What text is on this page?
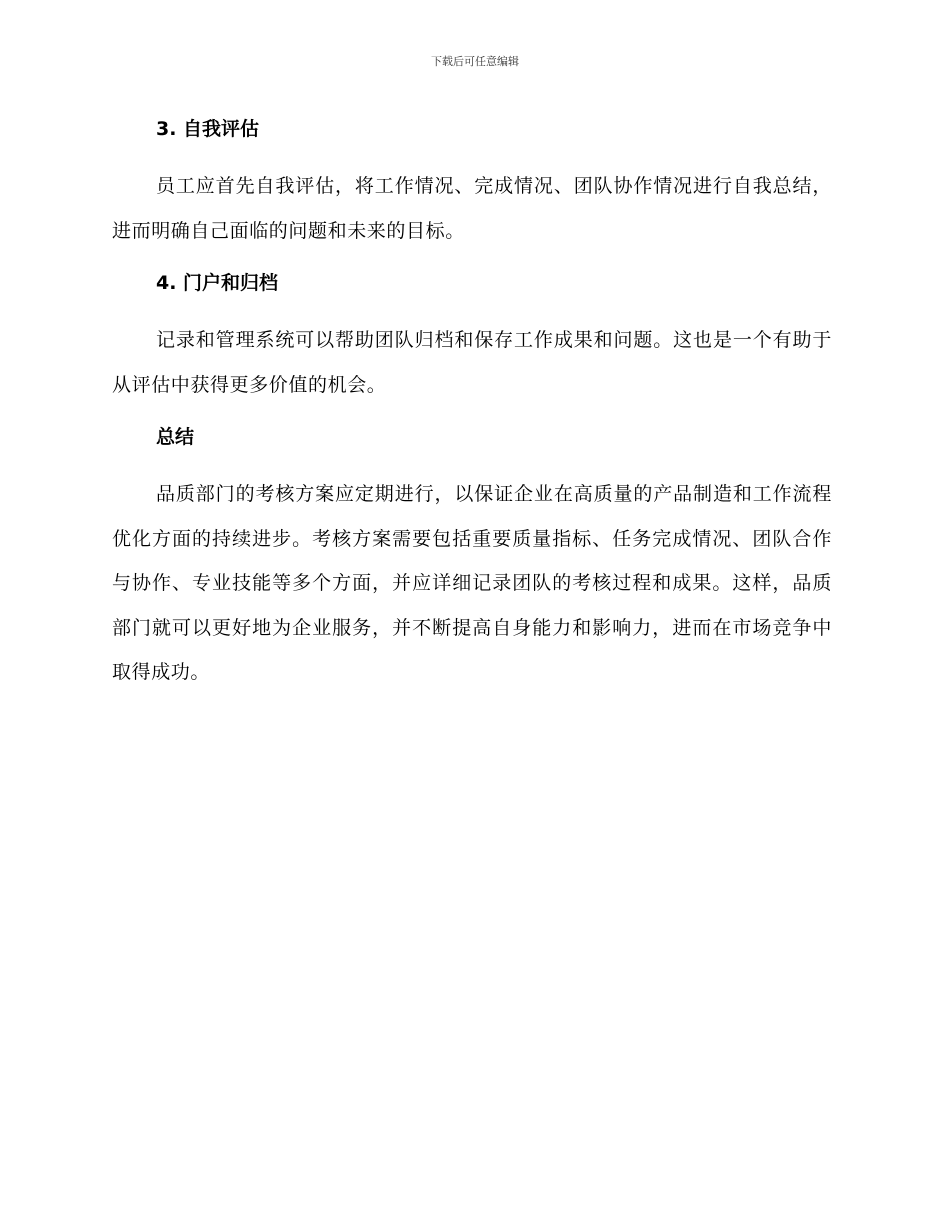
下载后可任意编辑
3. 自我评估

员工应首先自我评估，将工作情况、完成情况、团队协作情况进行自我总结，进而明确自己面临的问题和未来的目标。

4. 门户和归档

记录和管理系统可以帮助团队归档和保存工作成果和问题。这也是一个有助于从评估中获得更多价值的机会。

总结

品质部门的考核方案应定期进行，以保证企业在高质量的产品制造和工作流程优化方面的持续进步。考核方案需要包括重要质量指标、任务完成情况、团队合作与协作、专业技能等多个方面，并应详细记录团队的考核过程和成果。这样，品质部门就可以更好地为企业服务，并不断提高自身能力和影响力，进而在市场竞争中取得成功。
